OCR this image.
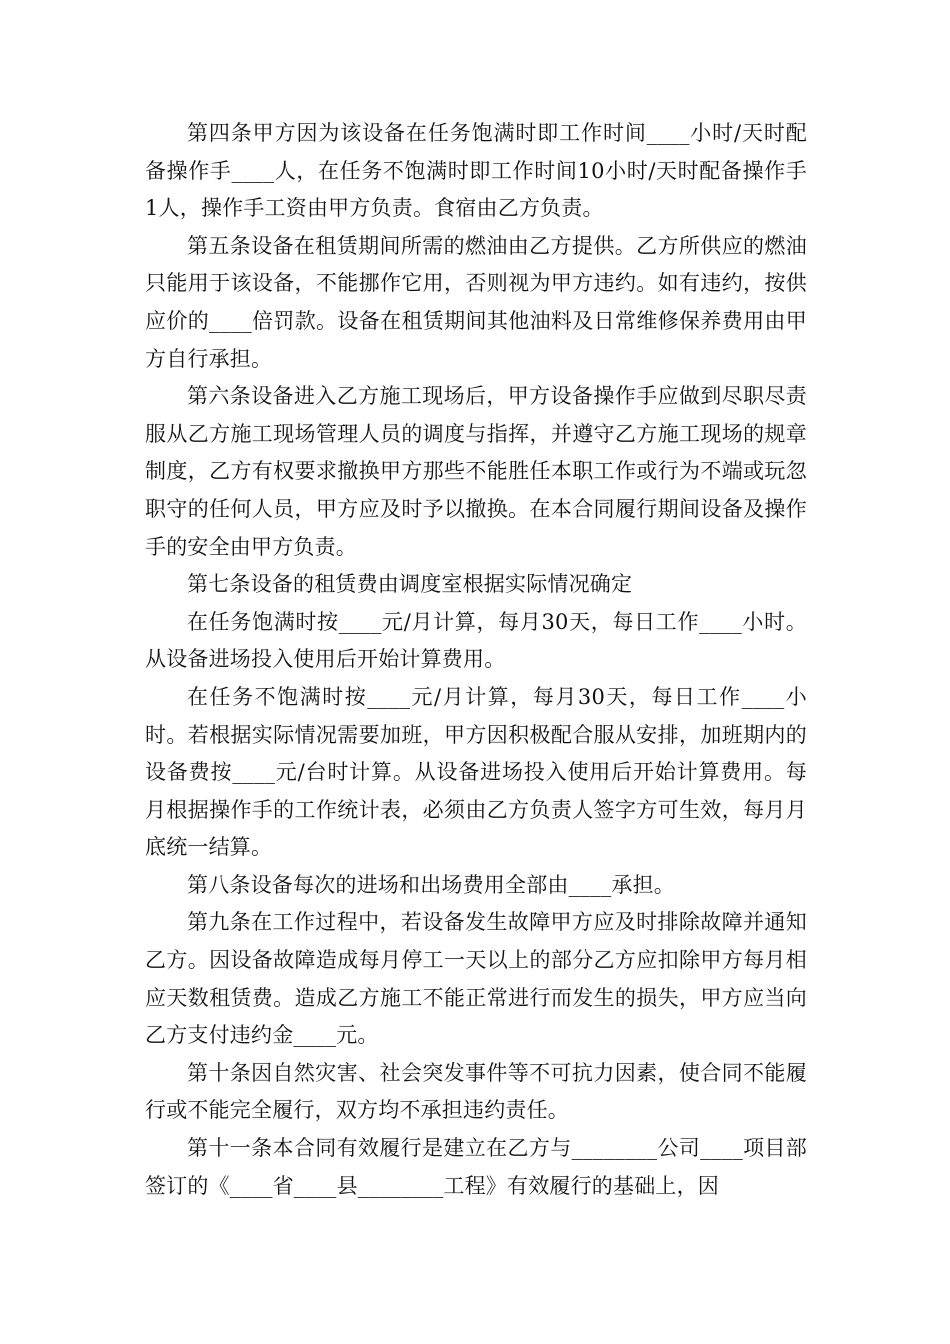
第四条甲方因为该设备在任务饱满时即工作时间____小时/天时配备操作手____人，在任务不饱满时即工作时间10小时/天时配备操作手1人，操作手工资由甲方负责。食宿由乙方负责。

第五条设备在租赁期间所需的燃油由乙方提供。乙方所供应的燃油只能用于该设备，不能挪作它用，否则视为甲方违约。如有违约，按供应价的____倍罚款。设备在租赁期间其他油料及日常维修保养费用由甲方自行承担。

第六条设备进入乙方施工现场后，甲方设备操作手应做到尽职尽责服从乙方施工现场管理人员的调度与指挥，并遵守乙方施工现场的规章制度，乙方有权要求撤换甲方那些不能胜任本职工作或行为不端或玩忽职守的任何人员，甲方应及时予以撤换。在本合同履行期间设备及操作手的安全由甲方负责。

第七条设备的租赁费由调度室根据实际情况确定

在任务饱满时按____元/月计算，每月30天，每日工作____小时。从设备进场投入使用后开始计算费用。

在任务不饱满时按____元/月计算，每月30天，每日工作____小时。若根据实际情况需要加班，甲方因积极配合服从安排，加班期内的设备费按____元/台时计算。从设备进场投入使用后开始计算费用。每月根据操作手的工作统计表，必须由乙方负责人签字方可生效，每月月底统一结算。

第八条设备每次的进场和出场费用全部由____承担。

第九条在工作过程中，若设备发生故障甲方应及时排除故障并通知乙方。因设备故障造成每月停工一天以上的部分乙方应扣除甲方每月相应天数租赁费。造成乙方施工不能正常进行而发生的损失，甲方应当向乙方支付违约金____元。

第十条因自然灾害、社会突发事件等不可抗力因素，使合同不能履行或不能完全履行，双方均不承担违约责任。

第十一条本合同有效履行是建立在乙方与________公司____项目部签订的《____省____县________工程》有效履行的基础上，因
